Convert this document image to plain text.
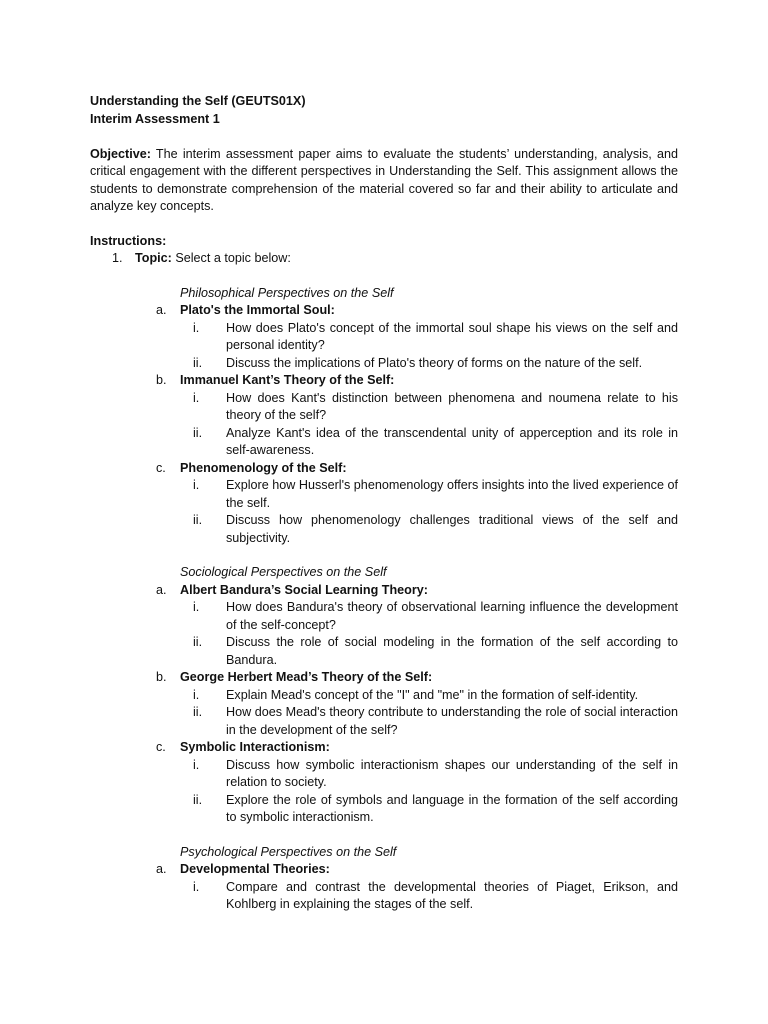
Understanding the Self (GEUTS01X)
Interim Assessment 1
Objective: The interim assessment paper aims to evaluate the students’ understanding, analysis, and critical engagement with the different perspectives in Understanding the Self. This assignment allows the students to demonstrate comprehension of the material covered so far and their ability to articulate and analyze key concepts.
Instructions:
1. Topic: Select a topic below:
Philosophical Perspectives on the Self
a. Plato's the Immortal Soul:
i. How does Plato's concept of the immortal soul shape his views on the self and personal identity?
ii. Discuss the implications of Plato's theory of forms on the nature of the self.
b. Immanuel Kant’s Theory of the Self:
i. How does Kant's distinction between phenomena and noumena relate to his theory of the self?
ii. Analyze Kant's idea of the transcendental unity of apperception and its role in self-awareness.
c. Phenomenology of the Self:
i. Explore how Husserl's phenomenology offers insights into the lived experience of the self.
ii. Discuss how phenomenology challenges traditional views of the self and subjectivity.
Sociological Perspectives on the Self
a. Albert Bandura’s Social Learning Theory:
i. How does Bandura's theory of observational learning influence the development of the self-concept?
ii. Discuss the role of social modeling in the formation of the self according to Bandura.
b. George Herbert Mead’s Theory of the Self:
i. Explain Mead's concept of the "I" and "me" in the formation of self-identity.
ii. How does Mead's theory contribute to understanding the role of social interaction in the development of the self?
c. Symbolic Interactionism:
i. Discuss how symbolic interactionism shapes our understanding of the self in relation to society.
ii. Explore the role of symbols and language in the formation of the self according to symbolic interactionism.
Psychological Perspectives on the Self
a. Developmental Theories:
i. Compare and contrast the developmental theories of Piaget, Erikson, and Kohlberg in explaining the stages of the self.
